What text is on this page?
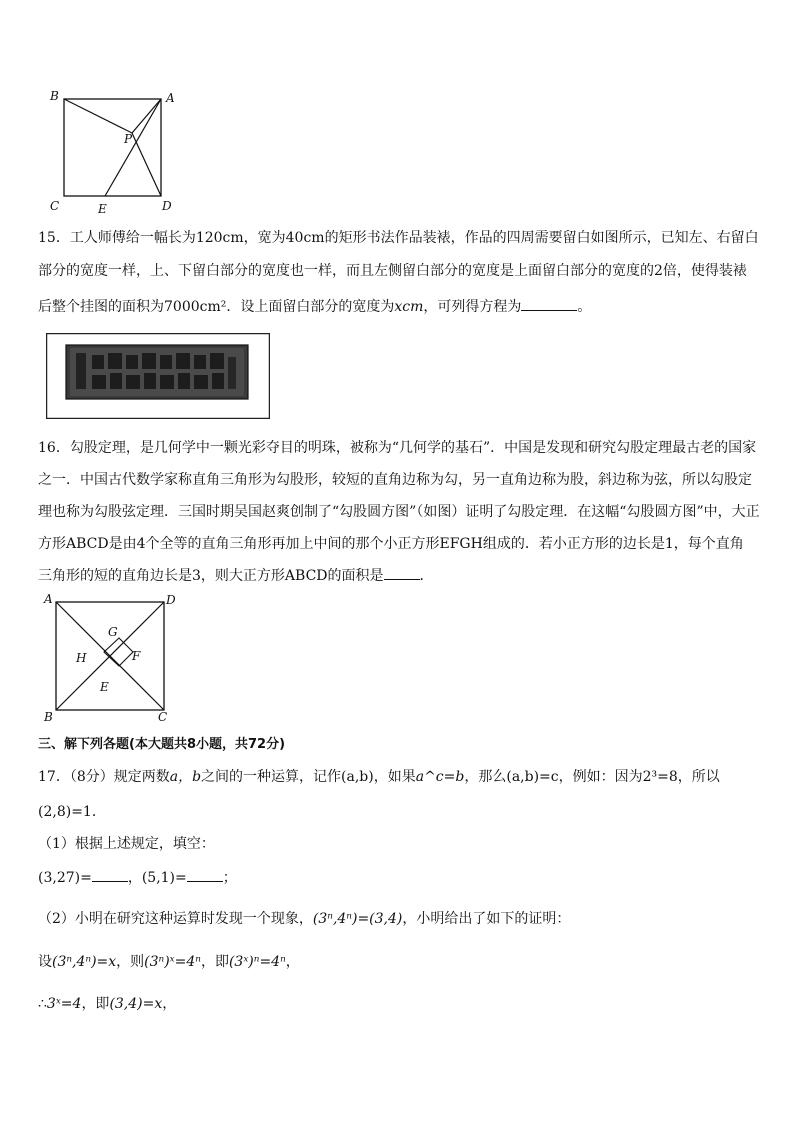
B	A
P
C	E	D
15．工人师傅给一幅长为120cm，宽为40cm的矩形书法作品装裱，作品的四周需要留白如图所示，已知左、右留白
部分的宽度一样，上、下留白部分的宽度也一样，而且左侧留白部分的宽度是上面留白部分的宽度的2倍，使得装裱
后整个挂图的面积为7000cm²．设上面留白部分的宽度为xcm，可列得方程为	。
16．勾股定理，是几何学中一颗光彩夺目的明珠，被称为“几何学的基石”．中国是发现和研究勾股定理最古老的国家
之一．中国古代数学家称直角三角形为勾股形，较短的直角边称为勾，另一直角边称为股，斜边称为弦，所以勾股定
理也称为勾股弦定理．三国时期吴国赵爽创制了“勾股圆方图”（如图）证明了勾股定理．在这幅“勾股圆方图”中，大正
方形ABCD是由4个全等的直角三角形再加上中间的那个小正方形EFGH组成的．若小正方形的边长是1，每个直角
三角形的短的直角边长是3，则大正方形ABCD的面积是	．
A	D
G
H	F
E
B	C
三、解下列各题(本大题共8小题，共72分)
17．（8分）规定两数a，b之间的一种运算，记作(a,b)，如果a^c=b，那么(a,b)=c，例如：因为2³=8，所以
(2,8)=1．
（1）根据上述规定，填空：
(3,27)=	，(5,1)=	；
（2）小明在研究这种运算时发现一个现象，(3ⁿ,4ⁿ)=(3,4)，小明给出了如下的证明：
设(3ⁿ,4ⁿ)=x，则(3ⁿ)ˣ=4ⁿ，即(3ˣ)ⁿ=4ⁿ，
∴3ˣ=4，即(3,4)=x，
